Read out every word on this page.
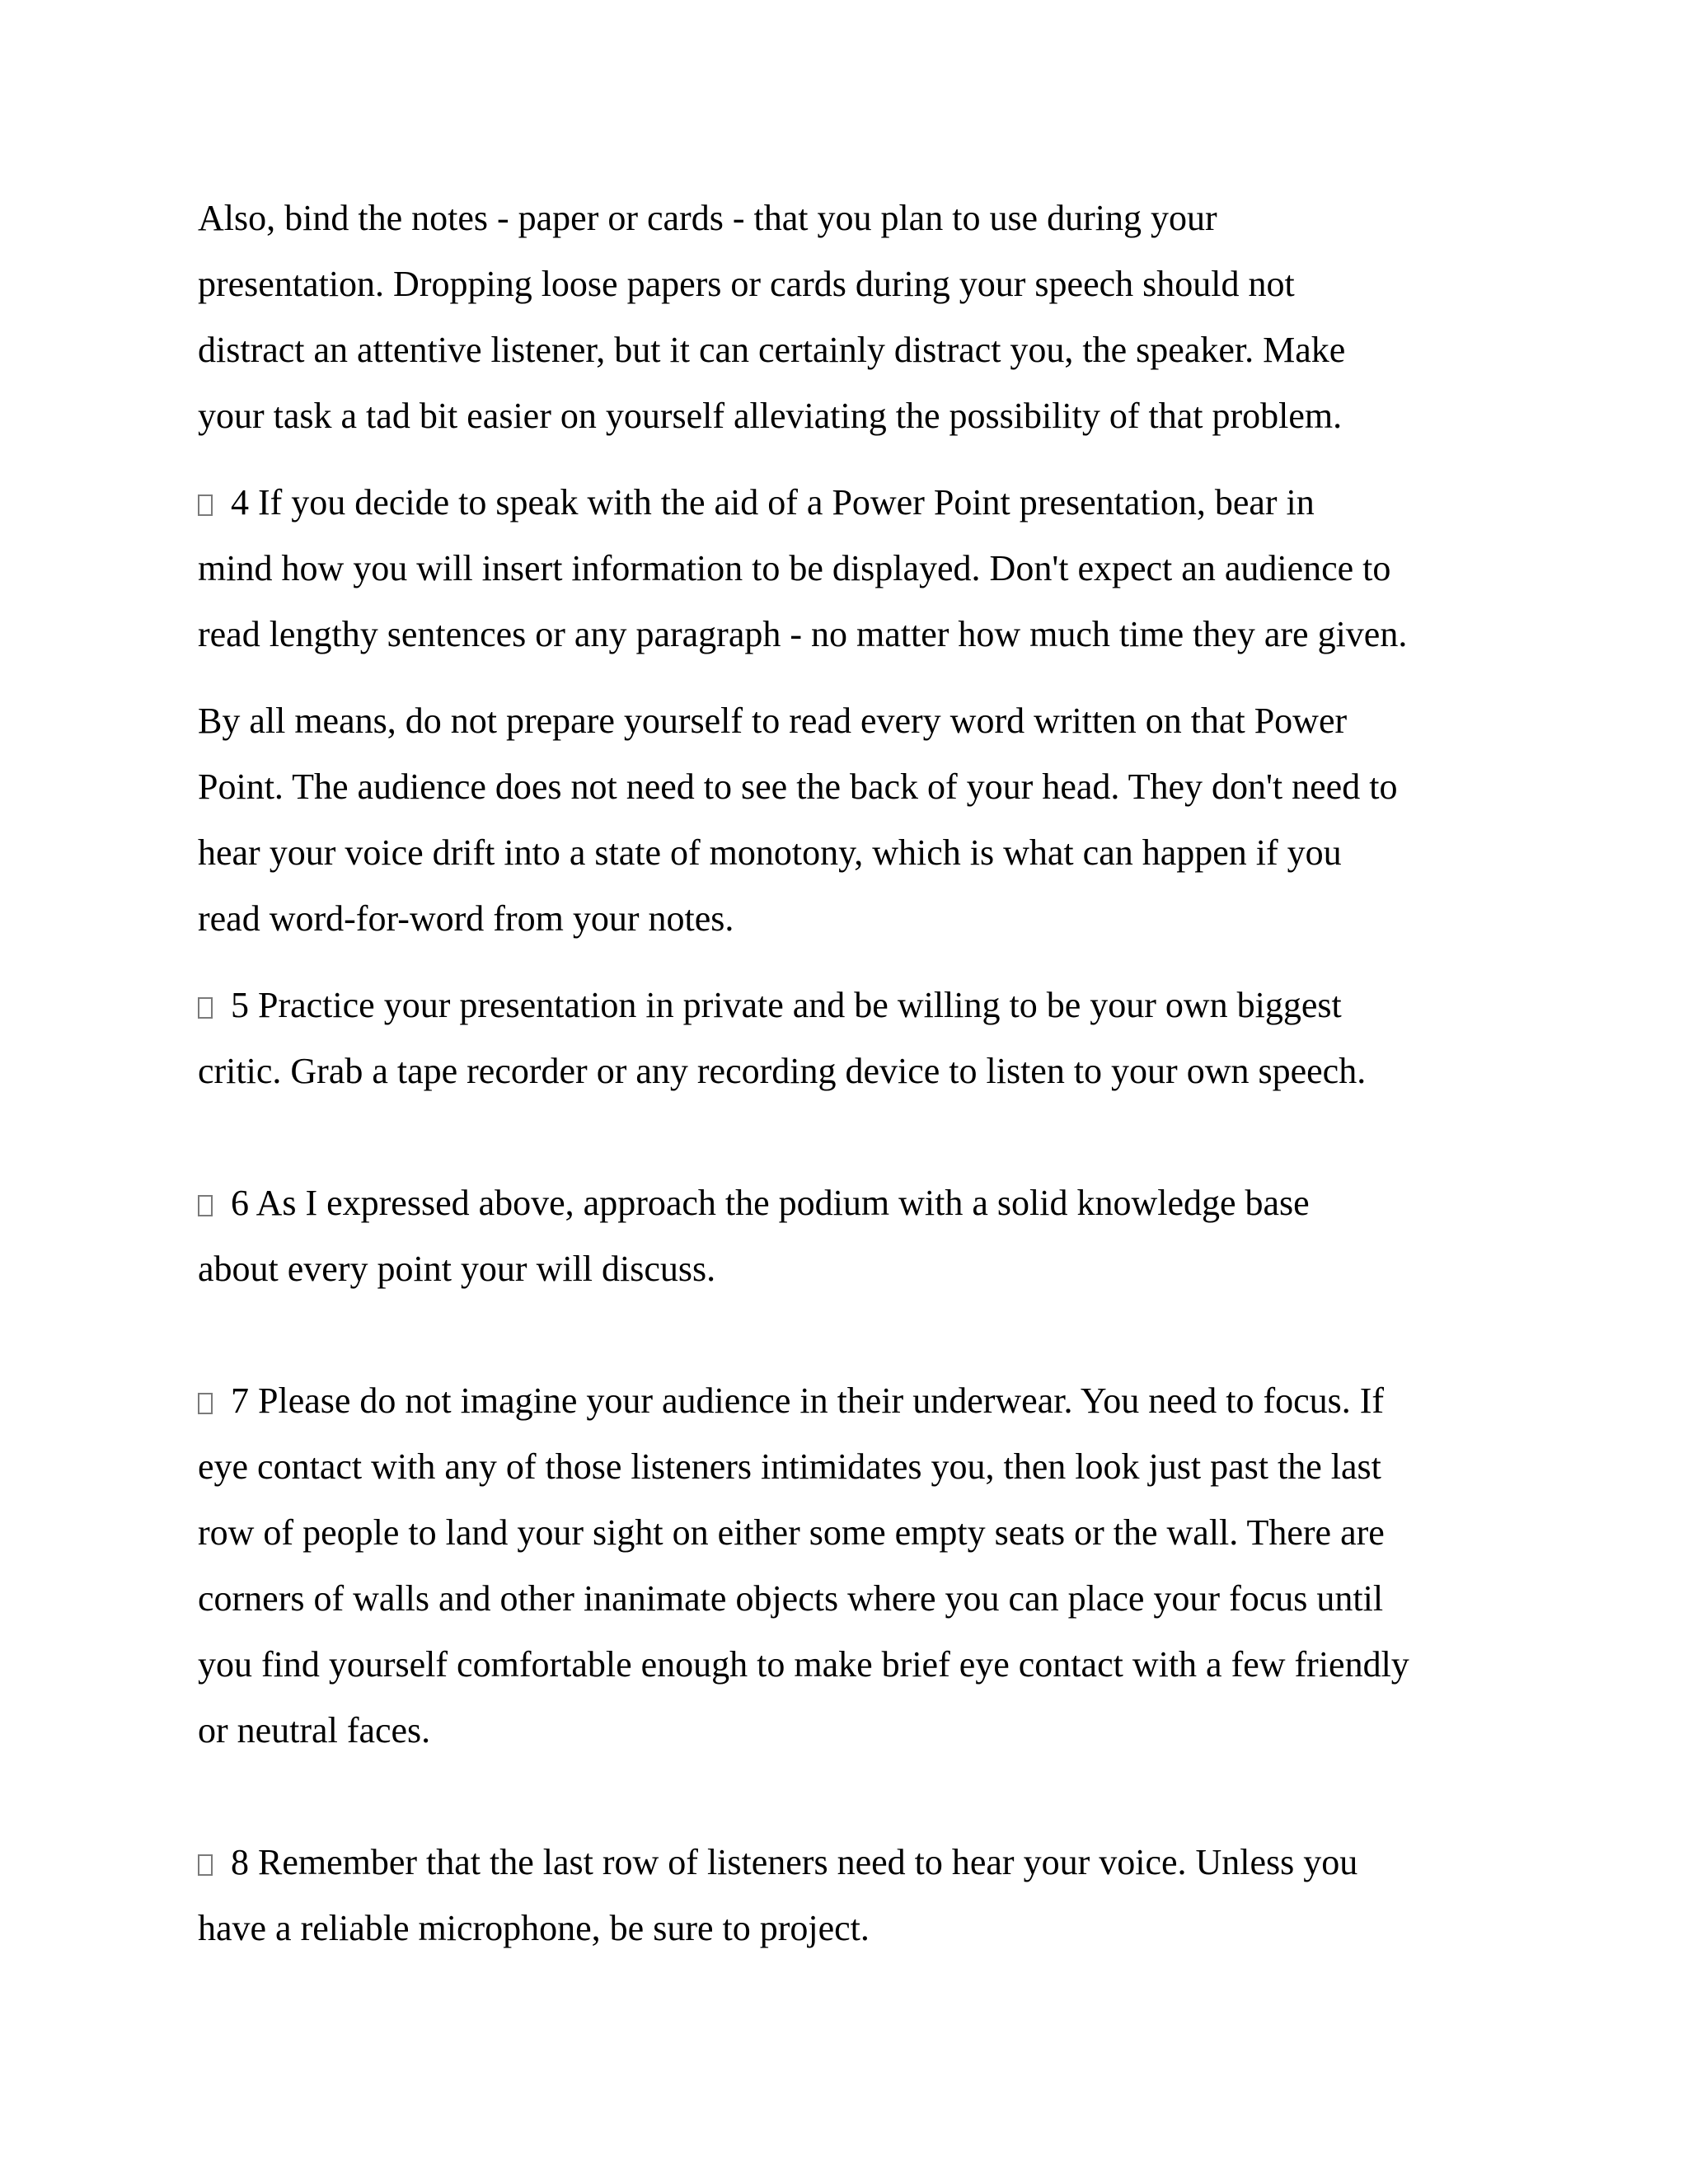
Also, bind the notes - paper or cards - that you plan to use during your
presentation. Dropping loose papers or cards during your speech should not
distract an attentive listener, but it can certainly distract you, the speaker. Make
your task a tad bit easier on yourself alleviating the possibility of that problem.

4 If you decide to speak with the aid of a Power Point presentation, bear in
mind how you will insert information to be displayed. Don't expect an audience to
read lengthy sentences or any paragraph - no matter how much time they are given.

By all means, do not prepare yourself to read every word written on that Power
Point. The audience does not need to see the back of your head. They don't need to
hear your voice drift into a state of monotony, which is what can happen if you
read word-for-word from your notes.

5 Practice your presentation in private and be willing to be your own biggest
critic. Grab a tape recorder or any recording device to listen to your own speech.

6 As I expressed above, approach the podium with a solid knowledge base
about every point your will discuss.

7 Please do not imagine your audience in their underwear. You need to focus. If
eye contact with any of those listeners intimidates you, then look just past the last
row of people to land your sight on either some empty seats or the wall. There are
corners of walls and other inanimate objects where you can place your focus until
you find yourself comfortable enough to make brief eye contact with a few friendly
or neutral faces.

8 Remember that the last row of listeners need to hear your voice. Unless you
have a reliable microphone, be sure to project.
